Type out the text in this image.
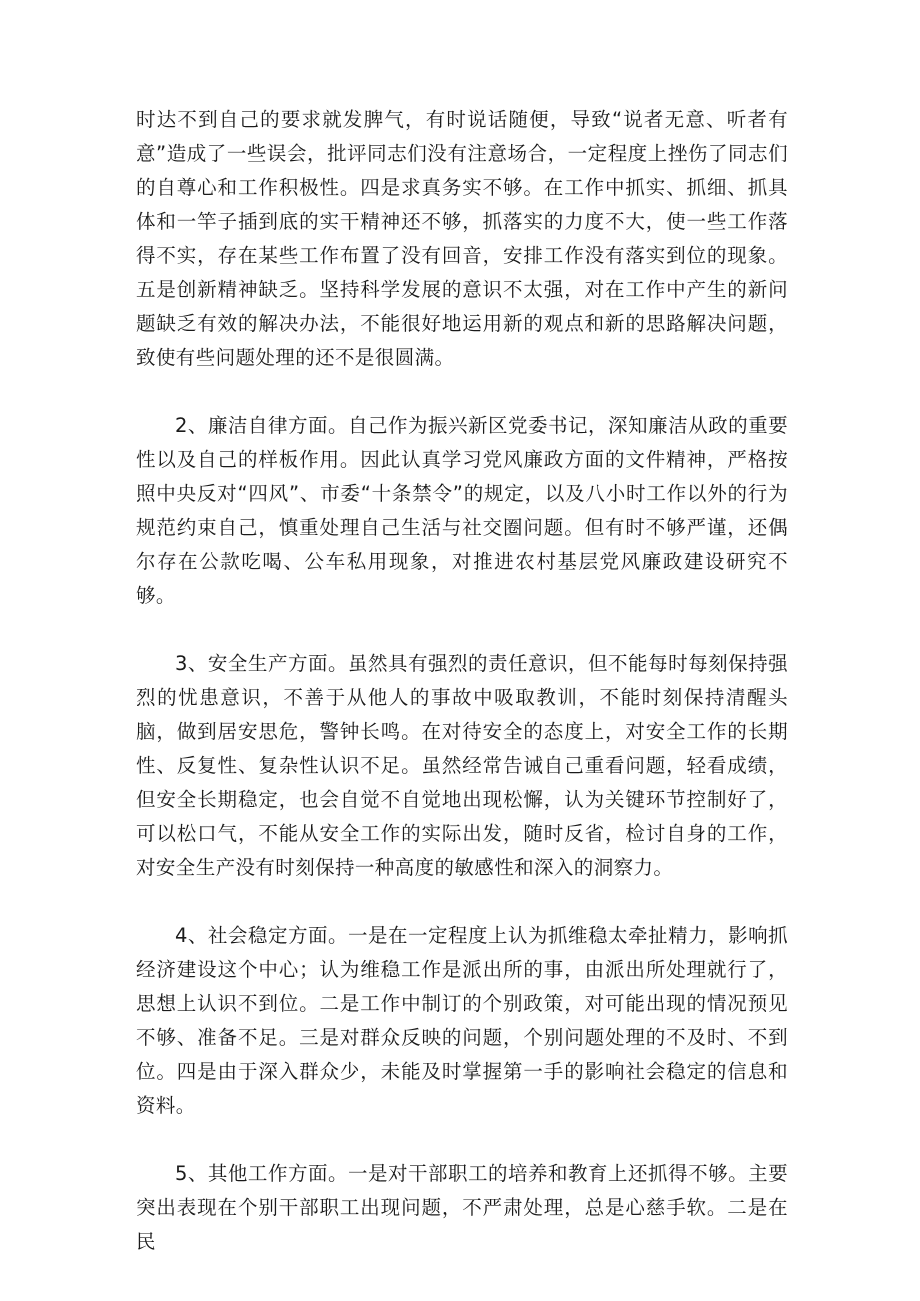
时达不到自己的要求就发脾气，有时说话随便，导致“说者无意、听者有意”造成了一些误会，批评同志们没有注意场合，一定程度上挫伤了同志们的自尊心和工作积极性。四是求真务实不够。在工作中抓实、抓细、抓具体和一竿子插到底的实干精神还不够，抓落实的力度不大，使一些工作落得不实，存在某些工作布置了没有回音，安排工作没有落实到位的现象。五是创新精神缺乏。坚持科学发展的意识不太强，对在工作中产生的新问题缺乏有效的解决办法，不能很好地运用新的观点和新的思路解决问题，致使有些问题处理的还不是很圆满。

2、廉洁自律方面。自己作为振兴新区党委书记，深知廉洁从政的重要性以及自己的样板作用。因此认真学习党风廉政方面的文件精神，严格按照中央反对“四风”、市委“十条禁令”的规定，以及八小时工作以外的行为规范约束自己，慎重处理自己生活与社交圈问题。但有时不够严谨，还偶尔存在公款吃喝、公车私用现象，对推进农村基层党风廉政建设研究不够。

3、安全生产方面。虽然具有强烈的责任意识，但不能每时每刻保持强烈的忧患意识，不善于从他人的事故中吸取教训，不能时刻保持清醒头脑，做到居安思危，警钟长鸣。在对待安全的态度上，对安全工作的长期性、反复性、复杂性认识不足。虽然经常告诫自己重看问题，轻看成绩，但安全长期稳定，也会自觉不自觉地出现松懈，认为关键环节控制好了，可以松口气，不能从安全工作的实际出发，随时反省，检讨自身的工作，对安全生产没有时刻保持一种高度的敏感性和深入的洞察力。

4、社会稳定方面。一是在一定程度上认为抓维稳太牵扯精力，影响抓经济建设这个中心；认为维稳工作是派出所的事，由派出所处理就行了，思想上认识不到位。二是工作中制订的个别政策，对可能出现的情况预见不够、准备不足。三是对群众反映的问题，个别问题处理的不及时、不到位。四是由于深入群众少，未能及时掌握第一手的影响社会稳定的信息和资料。

5、其他工作方面。一是对干部职工的培养和教育上还抓得不够。主要突出表现在个别干部职工出现问题，不严肃处理，总是心慈手软。二是在民
